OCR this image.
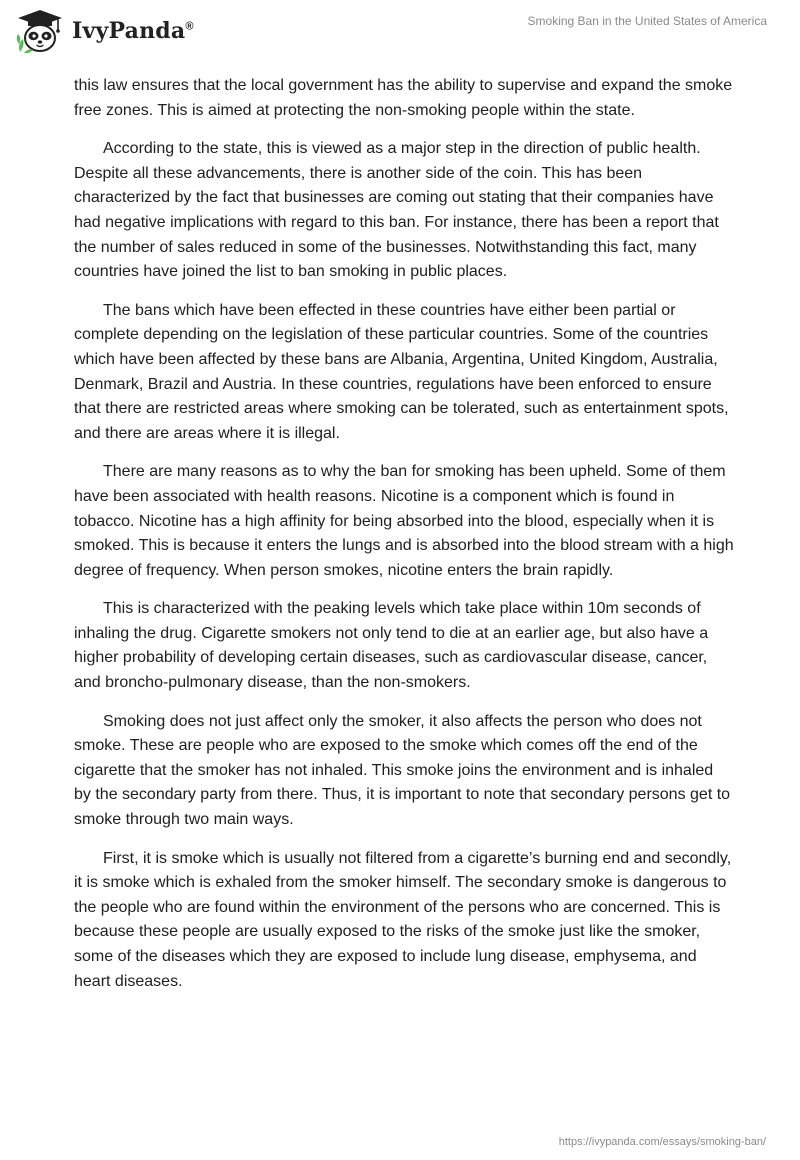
IvyPanda®	Smoking Ban in the United States of America

this law ensures that the local government has the ability to supervise and expand the smoke free zones. This is aimed at protecting the non-smoking people within the state.

According to the state, this is viewed as a major step in the direction of public health. Despite all these advancements, there is another side of the coin. This has been characterized by the fact that businesses are coming out stating that their companies have had negative implications with regard to this ban. For instance, there has been a report that the number of sales reduced in some of the businesses. Notwithstanding this fact, many countries have joined the list to ban smoking in public places.

The bans which have been effected in these countries have either been partial or complete depending on the legislation of these particular countries. Some of the countries which have been affected by these bans are Albania, Argentina, United Kingdom, Australia, Denmark, Brazil and Austria. In these countries, regulations have been enforced to ensure that there are restricted areas where smoking can be tolerated, such as entertainment spots, and there are areas where it is illegal.

There are many reasons as to why the ban for smoking has been upheld. Some of them have been associated with health reasons. Nicotine is a component which is found in tobacco. Nicotine has a high affinity for being absorbed into the blood, especially when it is smoked. This is because it enters the lungs and is absorbed into the blood stream with a high degree of frequency. When person smokes, nicotine enters the brain rapidly.

This is characterized with the peaking levels which take place within 10m seconds of inhaling the drug. Cigarette smokers not only tend to die at an earlier age, but also have a higher probability of developing certain diseases, such as cardiovascular disease, cancer, and broncho-pulmonary disease, than the non-smokers.

Smoking does not just affect only the smoker, it also affects the person who does not smoke. These are people who are exposed to the smoke which comes off the end of the cigarette that the smoker has not inhaled. This smoke joins the environment and is inhaled by the secondary party from there. Thus, it is important to note that secondary persons get to smoke through two main ways.

First, it is smoke which is usually not filtered from a cigarette’s burning end and secondly, it is smoke which is exhaled from the smoker himself. The secondary smoke is dangerous to the people who are found within the environment of the persons who are concerned. This is because these people are usually exposed to the risks of the smoke just like the smoker, some of the diseases which they are exposed to include lung disease, emphysema, and heart diseases.

https://ivypanda.com/essays/smoking-ban/
